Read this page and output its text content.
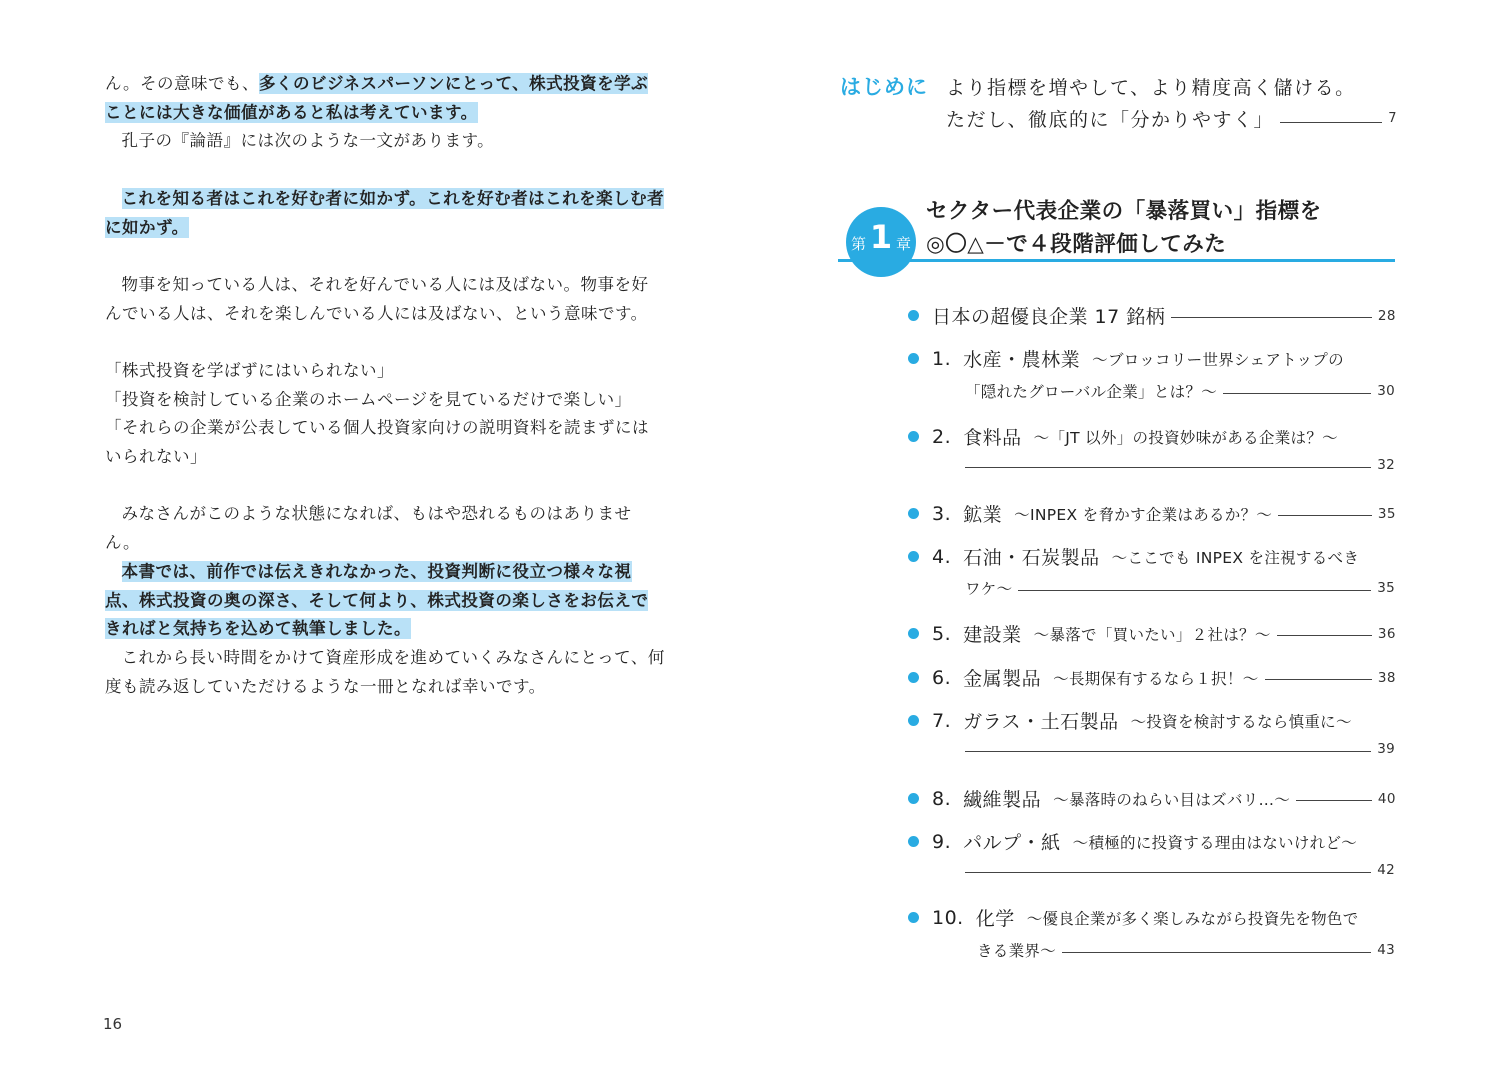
ん。その意味でも、多くのビジネスパーソンにとって、株式投資を学ぶことには大きな価値があると私は考えています。

孔子の『論語』には次のような一文があります。

これを知る者はこれを好む者に如かず。これを好む者はこれを楽しむ者に如かず。

物事を知っている人は、それを好んでいる人には及ばない。物事を好んでいる人は、それを楽しんでいる人には及ばない、という意味です。

「株式投資を学ばずにはいられない」

「投資を検討している企業のホームページを見ているだけで楽しい」

「それらの企業が公表している個人投資家向けの説明資料を読まずにはいられない」

みなさんがこのような状態になれば、もはや恐れるものはありません。

本書では、前作では伝えきれなかった、投資判断に役立つ様々な視点、株式投資の奥の深さ、そして何より、株式投資の楽しさをお伝えできればと気持ちを込めて執筆しました。

これから長い時間をかけて資産形成を進めていくみなさんにとって、何度も読み返していただけるような一冊となれば幸いです。

16
はじめに より指標を増やして、より精度高く儲ける。
ただし、徹底的に「分かりやすく」	7
第 1 章
セクター代表企業の「暴落買い」指標を
◎〇△－で４段階評価してみた
日本の超優良企業 17 銘柄	28
1. 水産・農林業 ～ブロッコリー世界シェアトップの
「隠れたグローバル企業」とは？～	30
2. 食料品 ～「JT 以外」の投資妙味がある企業は？～
32
3. 鉱業 ～INPEX を脅かす企業はあるか？～	35
4. 石油・石炭製品 ～ここでも INPEX を注視するべき
ワケ～	35
5. 建設業 ～暴落で「買いたい」２社は？～	36
6. 金属製品 ～長期保有するなら１択！～	38
7. ガラス・土石製品 ～投資を検討するなら慎重に～
39
8. 繊維製品 ～暴落時のねらい目はズバリ…～	40
9. パルプ・紙 ～積極的に投資する理由はないけれど～
42
10. 化学 ～優良企業が多く楽しみながら投資先を物色で
きる業界～	43
